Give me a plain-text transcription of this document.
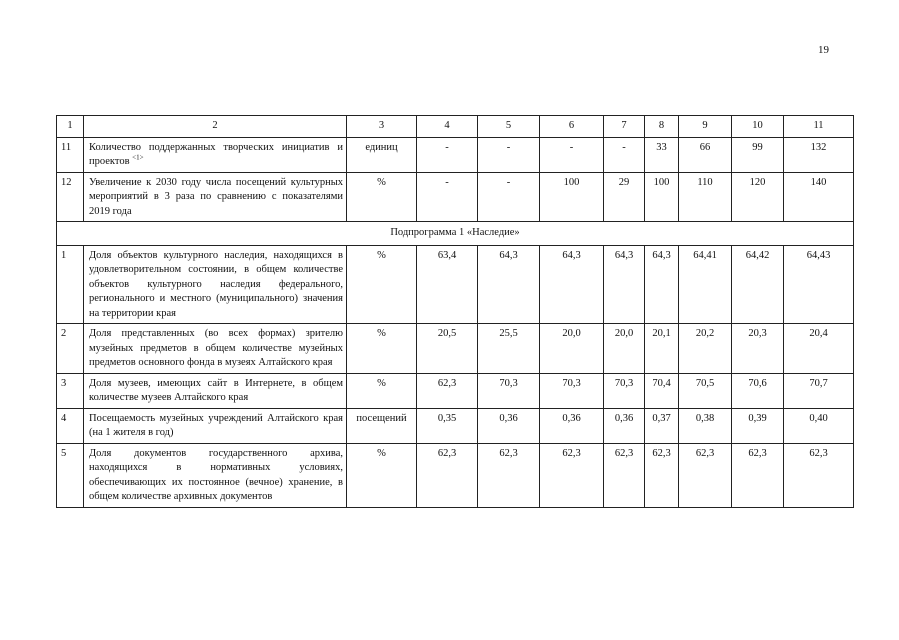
19
1	2	3	4	5	6	7	8	9	10	11
11	Количество поддержанных творческих инициатив и проектов $^{<1>}$	единиц	-	-	-	-	33	66	99	132
12	Увеличение к 2030 году числа посещений культурных мероприятий в 3 раза по сравнению с показателями 2019 года	%	-	-	100	29	100	110	120	140
Подпрограмма 1 «Наследие»										
1	Доля объектов культурного наследия, находящихся в удовлетворительном состоянии, в общем количестве объектов культурного наследия федерального, регионального и местного (муниципального) значения на территории края	%	63,4	64,3	64,3	64,3	64,3	64,41	64,42	64,43
2	Доля представленных (во всех формах) зрителю музейных предметов в общем количестве музейных предметов основного фонда в музеях Алтайского края	%	20,5	25,5	20,0	20,0	20,1	20,2	20,3	20,4
3	Доля музеев, имеющих сайт в Интернете, в общем количестве музеев Алтайского края	%	62,3	70,3	70,3	70,3	70,4	70,5	70,6	70,7
4	Посещаемость музейных учреждений Алтайского края (на 1 жителя в год)	посещений	0,35	0,36	0,36	0,36	0,37	0,38	0,39	0,40
5	Доля документов государственного архива, находящихся в нормативных условиях, обеспечивающих их постоянное (вечное) хранение, в общем количестве архивных документов	%	62,3	62,3	62,3	62,3	62,3	62,3	62,3	62,3
